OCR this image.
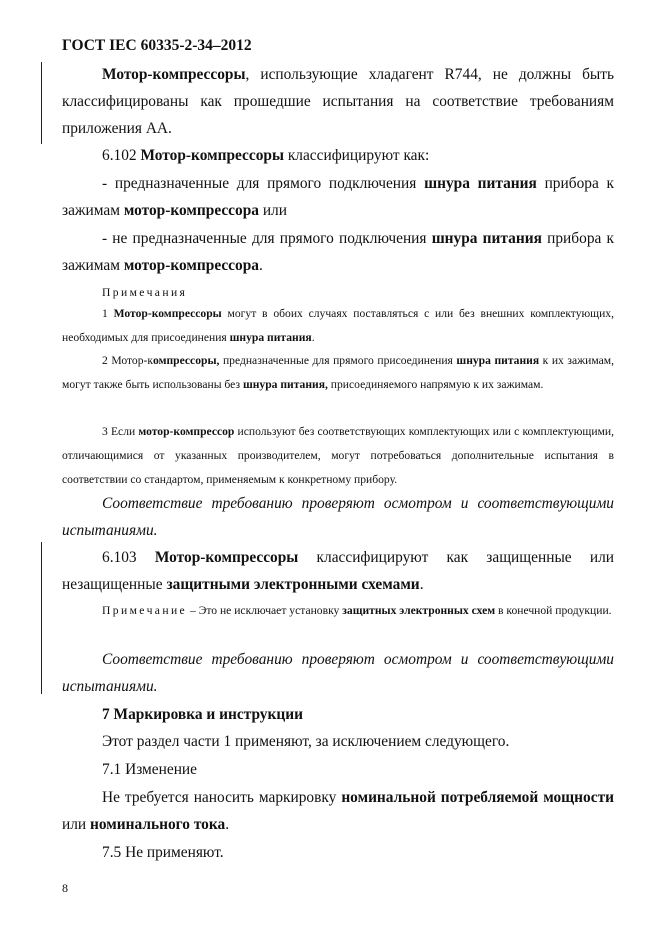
ГОСТ IEC 60335-2-34–2012

Мотор-компрессоры, использующие хладагент R744, не должны быть классифицированы как прошедшие испытания на соответствие требованиям приложения АА.

6.102 Мотор-компрессоры классифицируют как:

- предназначенные для прямого подключения шнура питания прибора к зажимам мотор-компрессора или

- не предназначенные для прямого подключения шнура питания прибора к зажимам мотор-компрессора.

Примечания

1 Мотор-компрессоры могут в обоих случаях поставляться с или без внешних комплектующих, необходимых для присоединения шнура питания.

2 Мотор-компрессоры, предназначенные для прямого присоединения шнура питания к их зажимам, могут также быть использованы без шнура питания, присоединяемого напрямую к их зажимам.

3 Если мотор-компрессор используют без соответствующих комплектующих или с комплектующими, отличающимися от указанных производителем, могут потребоваться дополнительные испытания в соответствии со стандартом, применяемым к конкретному прибору.

Соответствие требованию проверяют осмотром и соответствующими испытаниями.

6.103 Мотор-компрессоры классифицируют как защищенные или незащищенные защитными электронными схемами.

Примечание – Это не исключает установку защитных электронных схем в конечной продукции.

Соответствие требованию проверяют осмотром и соответствующими испытаниями.

7 Маркировка и инструкции

Этот раздел части 1 применяют, за исключением следующего.

7.1 Изменение

Не требуется наносить маркировку номинальной потребляемой мощности или номинального тока.

7.5 Не применяют.

8
